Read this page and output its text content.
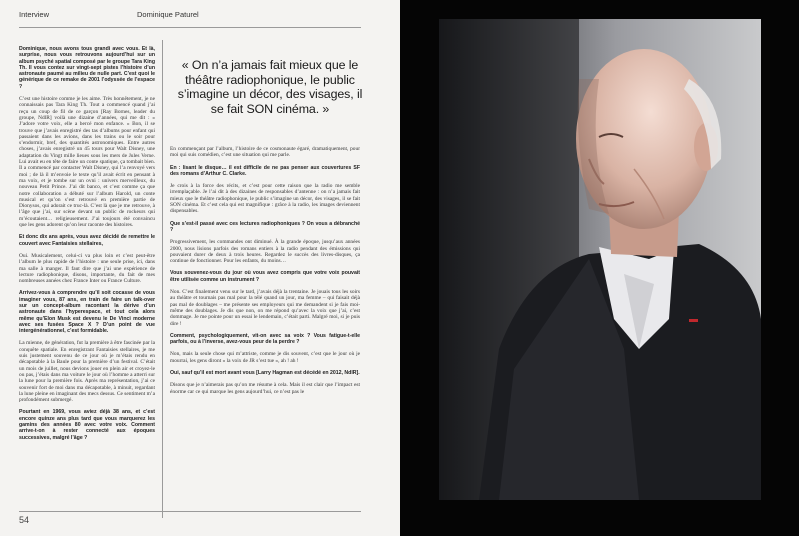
Interview	Dominique Paturel
« On n’a jamais fait mieux que le théâtre radiophonique, le public s’imagine un décor, des visages, il se fait SON cinéma. »

Dominique, nous avons tous grandi avec vous. Et là, surprise, nous vous retrouvons aujourd’hui sur un album psyché spatial composé par le groupe Tara King Th. Il vous contez sur vingt-sept pistes l’histoire d’un astronaute paumé au milieu de nulle part. C’est quoi le générique de ce remake de 2001 l’odyssée de l’espace ?

C’est une histoire comme je les aime. Très honnêtement, je ne connaissais pas Tara King Th. Tout a commencé quand j’ai reçu un coup de fil de ce garçon [Ray Bornes, leader du groupe, NdlR] voilà une dizaine d’années, qui me dit : « J’adore votre voix, elle a bercé mon enfance. » Bon, il se trouve que j’avais enregistré des tas d’albums pour enfant qui passaient dans les avions, dans les trains ou le soir pour s’endormir, bref, des quantités astronomiques. Entre autres choses, j’avais enregistré un 45 tours pour Walt Disney, une adaptation du Vingt mille lieues sous les mers de Jules Verne. Lui avait eu en tête de faire un conte spatique, ça tombait bien. Il a commencé par contacter Walt Disney, qui l’a renvoyé vers moi ; de là il m’envoie le texte qu’il avait écrit en pensant à ma voix, et je tombe sur un ovni : univers merveilleux, du nouveau Petit Prince. J’ai dit banco, et c’est comme ça que notre collaboration a débuté sur l’album Harold, un conte musical et qu’on s’est retrouvé en première partie de Dionysos, qui adorait ce truc-là. C’est là que je me retrouve, à l’âge que j’ai, sur scène devant un public de rockeurs qui m’écoutaient… religieusement. J’ai toujours été convaincu que les gens adorent qu’on leur raconte des histoires.

Et donc dix ans après, vous avez décidé de remettre le couvert avec Fantaisies stellaires,

Oui. Musicalement, celui-ci va plus loin et c’est peut-être l’album le plus rapide de l’histoire : une seule prise, ici, dans ma salle à manger. Il faut dire que j’ai une expérience de lecture radiophonique, disons, importante, du fait de mes nombreuses années chez France Inter ou France Culture.

Arrivez-vous à comprendre qu’il soit cocasse de vous imaginer vous, 87 ans, en train de faire un talk-over sur un concept-album racontant la dérive d’un astronaute dans l’hyperespace, et tout cela alors même qu’Elon Musk est devenu le De Vinci moderne avec ses fusées Space X ? D’un point de vue intergénérationnel, c’est formidable.

La mienne, de génération, fut la première à être fascinée par la conquête spatiale. En enregistrant Fantaisies stellaires, je me suis justement souvenu de ce jour où je m’étais rendu en décapotable à la Baule pour la première d’un festival. C’était un mois de juillet, nous devions jouer en plein air et croyez-le ou pas, j’étais dans ma voiture le jour où l’homme a atterri sur la lune pour la première fois. Après ma représentation, j’ai ce souvenir fort de moi dans ma décapotable, à minuit, regardant la lune pleine en imaginant des mecs dessus. Ce sentiment m’a profondément submergé.

Pourtant en 1969, vous aviez déjà 38 ans, et c’est encore quinze ans plus tard que vous marquerez les gamins des années 80 avec votre voix. Comment arrive-t-on à rester connecté aux époques successives, malgré l’âge ?

En commençant par l’album, l’histoire de ce cosmonaute égaré, dramatiquement, pour moi qui suis comédien, c’est une situation qui me parle.

En : lisant le disque… il est difficile de ne pas penser aux couvertures SF des romans d’Arthur C. Clarke.

Je crois à la force des récits, et c’est pour cette raison que la radio me semble irremplaçable. Je l’ai dit à des dizaines de responsables d’antenne : on n’a jamais fait mieux que le théâtre radiophonique, le public s’imagine un décor, des visages, il se fait SON cinéma. Et c’est cela qui est magnifique : grâce à la radio, les images deviennent dispensables.

Que s’est-il passé avec ces lectures radiophoniques ? On vous a débranché ?

Progressivement, les commandes ont diminué. À la grande époque, jusqu’aux années 2000, nous lisions parfois des romans entiers à la radio pendant des émissions qui pouvaient durer de deux à trois heures. Regardez le succès des livres-disques, ça continue de fonctionner. Pour les enfants, du moins…

Vous souvenez-vous du jour où vous avez compris que votre voix pouvait être utilisée comme un instrument ?

Non. C’est finalement venu sur le tard, j’avais déjà la trentaine. Je jouais tous les soirs au théâtre et tournais pas mal pour la télé quand un jour, ma femme – qui faisait déjà pas mal de doublages – me présente ses employeurs qui me demandent si je fais moi-même des doublages. Je dis que non, on me répond qu’avec la voix que j’ai, c’est dommage. Je me pointe pour un essai le lendemain, c’était parti. Malgré moi, si je puis dire !

Comment, psychologiquement, vit-on avec sa voix ? Vous fatigue-t-elle parfois, ou à l’inverse, avez-vous peur de la perdre ?

Non, mais la seule chose qui m’attriste, comme je dis souvent, c’est que le jour où je mourrai, les gens diront « la voix de JR s’est tue », ah ! ah !

Oui, sauf qu’il est mort avant vous [Larry Hagman est décédé en 2012, NdlR].

Disons que je n’aimerais pas qu’on me résume à cela. Mais il est clair que l’impact est énorme car ce qui marque les gens aujourd’hui, ce n’est pas le

54
